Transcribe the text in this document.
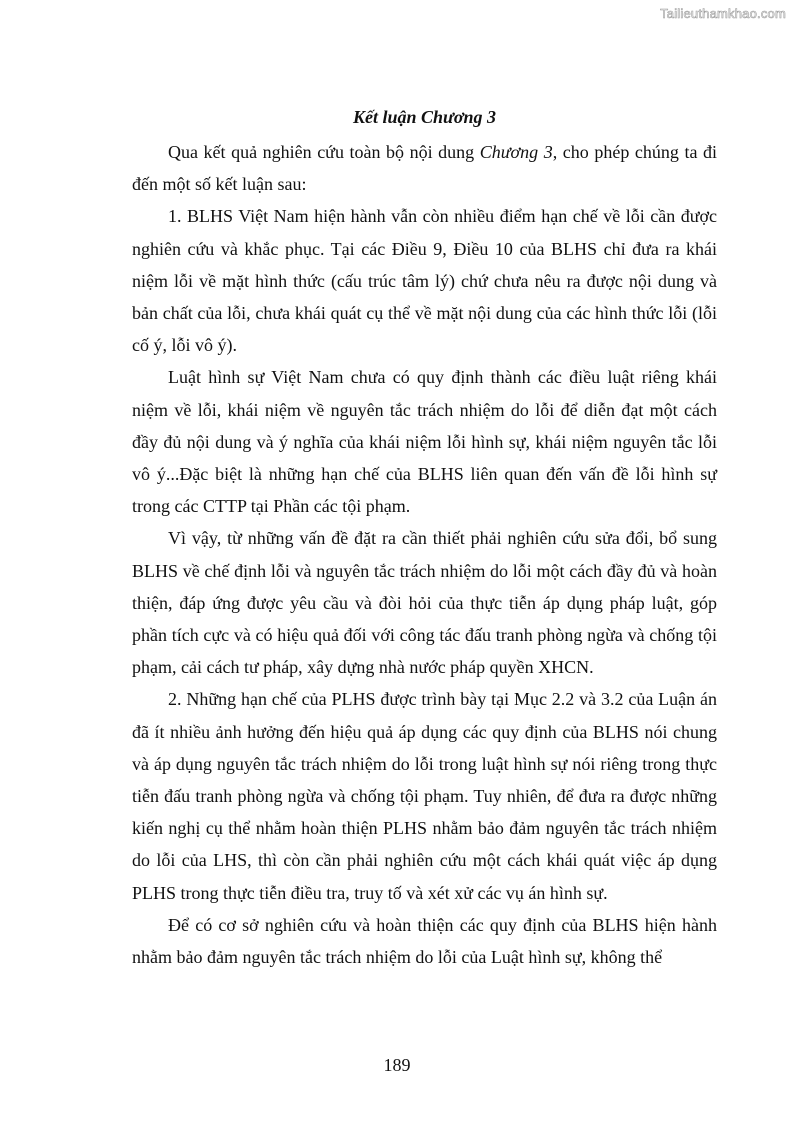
Tailieuthamkhao.com
Kết luận Chương 3

Qua kết quả nghiên cứu toàn bộ nội dung Chương 3, cho phép chúng ta đi đến một số kết luận sau:

1. BLHS Việt Nam hiện hành vẫn còn nhiều điểm hạn chế về lỗi cần được nghiên cứu và khắc phục. Tại các Điều 9, Điều 10 của BLHS chỉ đưa ra khái niệm lỗi về mặt hình thức (cấu trúc tâm lý) chứ chưa nêu ra được nội dung và bản chất của lỗi, chưa khái quát cụ thể về mặt nội dung của các hình thức lỗi (lỗi cố ý, lỗi vô ý).

Luật hình sự Việt Nam chưa có quy định thành các điều luật riêng khái niệm về lỗi, khái niệm về nguyên tắc trách nhiệm do lỗi để diễn đạt một cách đầy đủ nội dung và ý nghĩa của khái niệm lỗi hình sự, khái niệm nguyên tắc lỗi vô ý...Đặc biệt là những hạn chế của BLHS liên quan đến vấn đề lỗi hình sự trong các CTTP tại Phần các tội phạm.

Vì vậy, từ những vấn đề đặt ra cần thiết phải nghiên cứu sửa đổi, bổ sung BLHS về chế định lỗi và nguyên tắc trách nhiệm do lỗi một cách đầy đủ và hoàn thiện, đáp ứng được yêu cầu và đòi hỏi của thực tiễn áp dụng pháp luật, góp phần tích cực và có hiệu quả đối với công tác đấu tranh phòng ngừa và chống tội phạm, cải cách tư pháp, xây dựng nhà nước pháp quyền XHCN.

2. Những hạn chế của PLHS được trình bày tại Mục 2.2 và 3.2 của Luận án đã ít nhiều ảnh hưởng đến hiệu quả áp dụng các quy định của BLHS nói chung và áp dụng nguyên tắc trách nhiệm do lỗi trong luật hình sự nói riêng trong thực tiễn đấu tranh phòng ngừa và chống tội phạm. Tuy nhiên, để đưa ra được những kiến nghị cụ thể nhằm hoàn thiện PLHS nhằm bảo đảm nguyên tắc trách nhiệm do lỗi của LHS, thì còn cần phải nghiên cứu một cách khái quát việc áp dụng PLHS trong thực tiễn điều tra, truy tố và xét xử các vụ án hình sự.

Để có cơ sở nghiên cứu và hoàn thiện các quy định của BLHS hiện hành nhằm bảo đảm nguyên tắc trách nhiệm do lỗi của Luật hình sự, không thể

189
